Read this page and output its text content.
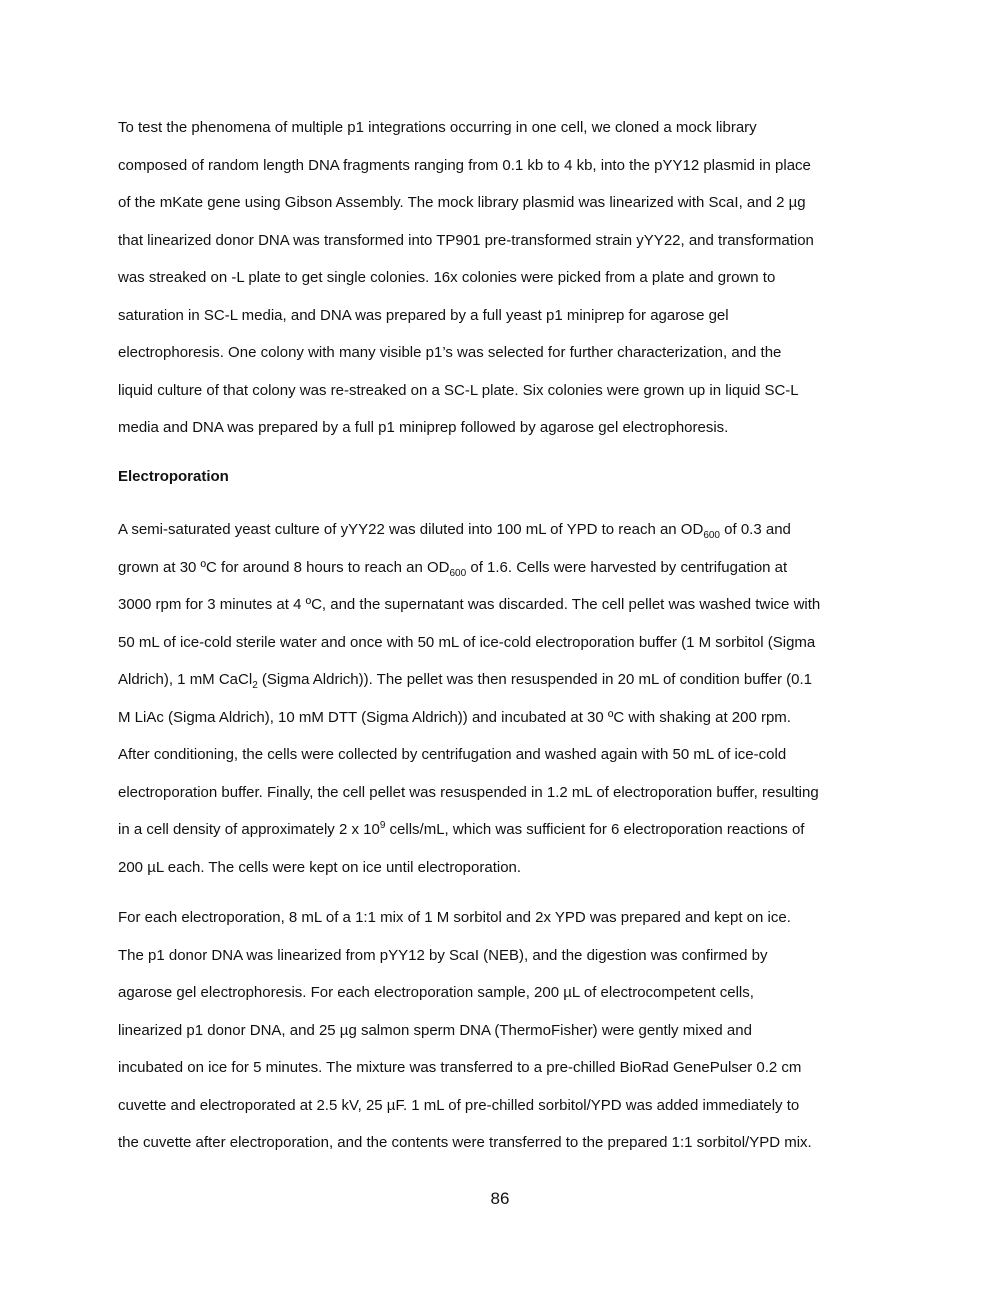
To test the phenomena of multiple p1 integrations occurring in one cell, we cloned a mock library
composed of random length DNA fragments ranging from 0.1 kb to 4 kb, into the pYY12 plasmid in place
of the mKate gene using Gibson Assembly. The mock library plasmid was linearized with ScaI, and 2 µg
that linearized donor DNA was transformed into TP901 pre-transformed strain yYY22, and transformation
was streaked on -L plate to get single colonies. 16x colonies were picked from a plate and grown to
saturation in SC-L media, and DNA was prepared by a full yeast p1 miniprep for agarose gel
electrophoresis. One colony with many visible p1’s was selected for further characterization, and the
liquid culture of that colony was re-streaked on a SC-L plate. Six colonies were grown up in liquid SC-L
media and DNA was prepared by a full p1 miniprep followed by agarose gel electrophoresis.

Electroporation

A semi-saturated yeast culture of yYY22 was diluted into 100 mL of YPD to reach an $OD_{600}$ of 0.3 and
grown at 30 ºC for around 8 hours to reach an $OD_{600}$ of 1.6. Cells were harvested by centrifugation at
3000 rpm for 3 minutes at 4 ºC, and the supernatant was discarded. The cell pellet was washed twice with
50 mL of ice-cold sterile water and once with 50 mL of ice-cold electroporation buffer (1 M sorbitol (Sigma
Aldrich), 1 mM CaCl$_2$ (Sigma Aldrich)). The pellet was then resuspended in 20 mL of condition buffer (0.1
M LiAc (Sigma Aldrich), 10 mM DTT (Sigma Aldrich)) and incubated at 30 ºC with shaking at 200 rpm.
After conditioning, the cells were collected by centrifugation and washed again with 50 mL of ice-cold
electroporation buffer. Finally, the cell pellet was resuspended in 1.2 mL of electroporation buffer, resulting
in a cell density of approximately 2 x $10^9$ cells/mL, which was sufficient for 6 electroporation reactions of
200 µL each. The cells were kept on ice until electroporation.

For each electroporation, 8 mL of a 1:1 mix of 1 M sorbitol and 2x YPD was prepared and kept on ice.
The p1 donor DNA was linearized from pYY12 by ScaI (NEB), and the digestion was confirmed by
agarose gel electrophoresis. For each electroporation sample, 200 µL of electrocompetent cells,
linearized p1 donor DNA, and 25 µg salmon sperm DNA (ThermoFisher) were gently mixed and
incubated on ice for 5 minutes. The mixture was transferred to a pre-chilled BioRad GenePulser 0.2 cm
cuvette and electroporated at 2.5 kV, 25 µF. 1 mL of pre-chilled sorbitol/YPD was added immediately to
the cuvette after electroporation, and the contents were transferred to the prepared 1:1 sorbitol/YPD mix.

86
